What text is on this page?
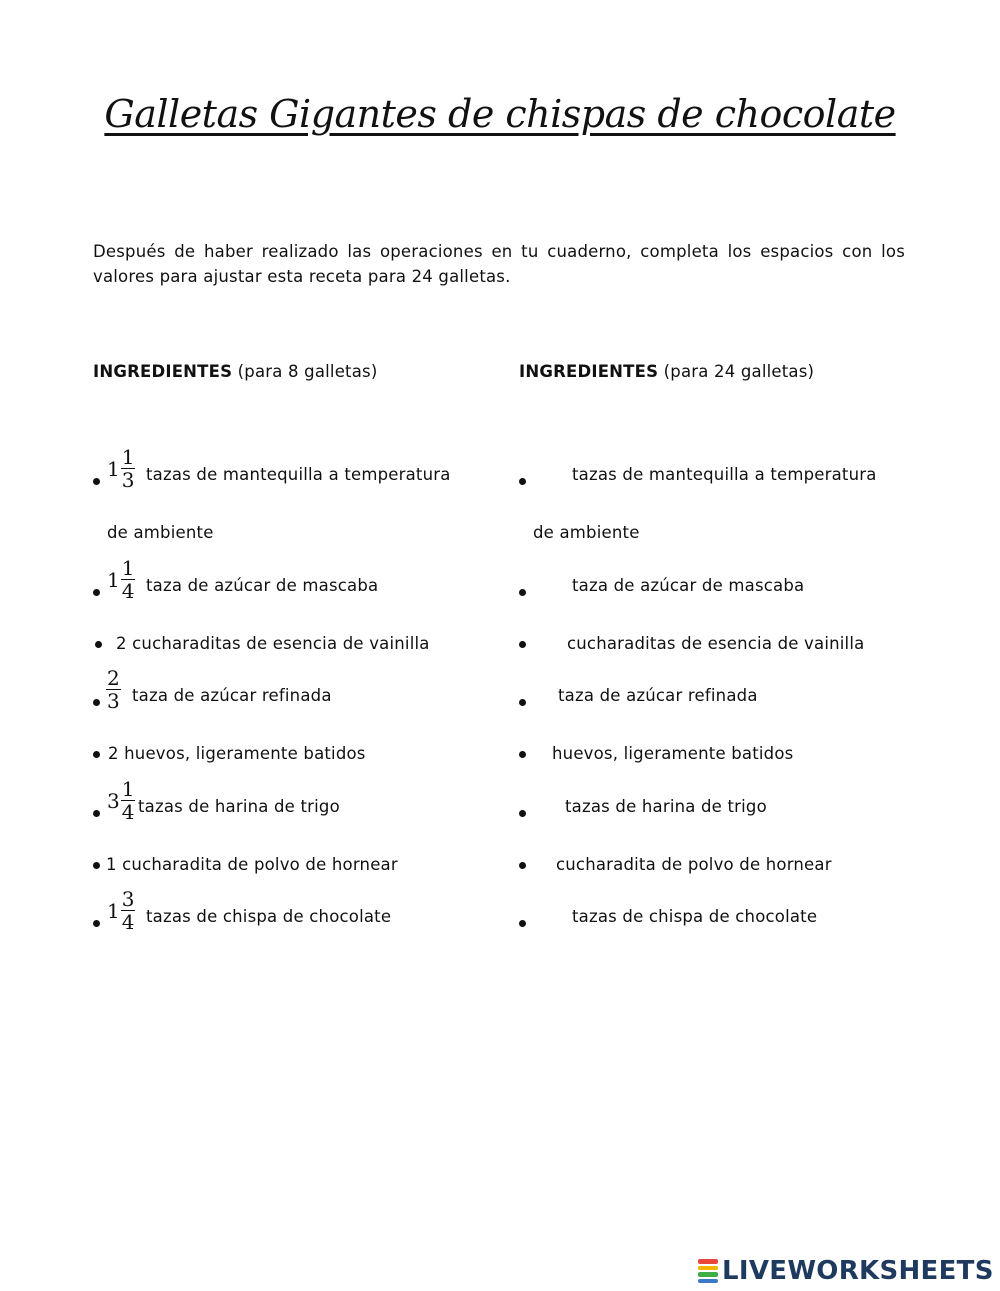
Galletas Gigantes de chispas de chocolate
Después de haber realizado las operaciones en tu cuaderno, completa los espacios con los valores para ajustar esta receta para 24 galletas.
INGREDIENTES (para 8 galletas)	INGREDIENTES (para 24 galletas)
$1 \frac{1}{3}$ tazas de mantequilla a temperatura
de ambiente
$1 \frac{1}{4}$ taza de azúcar de mascaba
2 cucharaditas de esencia de vainilla
$\frac{2}{3}$ taza de azúcar refinada
2 huevos, ligeramente batidos
$3 \frac{1}{4}$ tazas de harina de trigo
1 cucharadita de polvo de hornear
$1 \frac{3}{4}$ tazas de chispa de chocolate
tazas de mantequilla a temperatura
de ambiente
taza de azúcar de mascaba
cucharaditas de esencia de vainilla
taza de azúcar refinada
huevos, ligeramente batidos
tazas de harina de trigo
cucharadita de polvo de hornear
tazas de chispa de chocolate
LIVEWORKSHEETS
